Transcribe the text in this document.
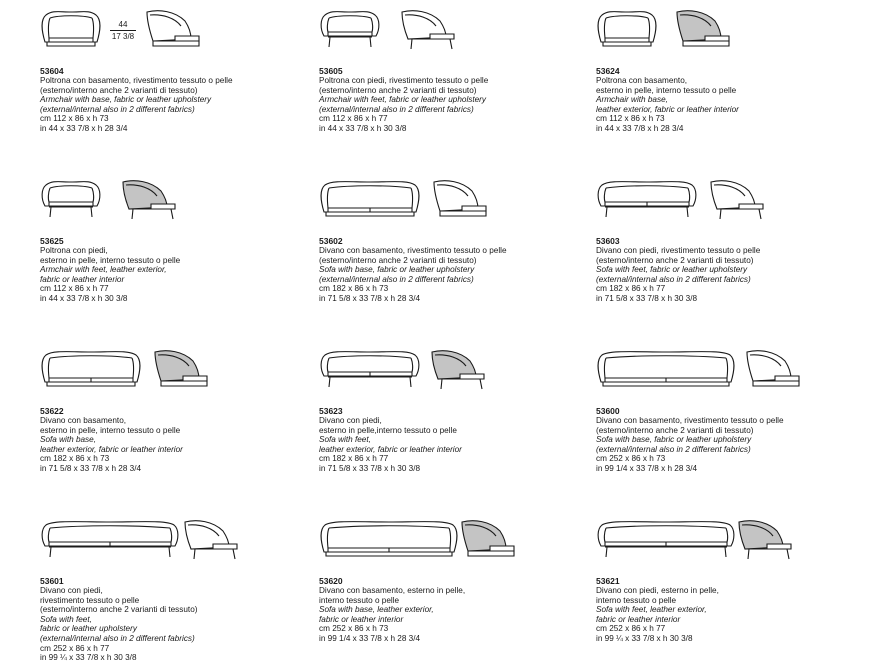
53604
Poltrona con basamento, rivestimento tessuto o pelle
(esterno/interno anche 2 varianti di tessuto)
Armchair with base, fabric or leather upholstery
(external/internal also in 2 different fabrics)
cm 112 x 86 x h 73
in 44 x 33 7/8 x h 28 3/4
53605
Poltrona con piedi, rivestimento tessuto o pelle
(esterno/interno anche 2 varianti di tessuto)
Armchair with feet, fabric or leather upholstery
(external/internal also in 2 different fabrics)
cm 112 x 86 x h 77
in 44 x 33 7/8 x h 30 3/8
53624
Poltrona con basamento,
esterno in pelle, interno tessuto o pelle
Armchair with base,
leather exterior, fabric or leather interior
cm 112 x 86 x h 73
in 44 x 33 7/8 x h 28 3/4
53625
Poltrona con piedi,
esterno in pelle, interno tessuto o pelle
Armchair with feet, leather exterior,
fabric or leather interior
cm 112 x 86 x h 77
in 44 x 33 7/8 x h 30 3/8
53602
Divano con basamento, rivestimento tessuto o pelle
(esterno/interno anche 2 varianti di tessuto)
Sofa with base, fabric or leather upholstery
(external/internal also in 2 different fabrics)
cm 182 x 86 x h 73
in 71 5/8 x 33 7/8 x h 28 3/4
53603
Divano con piedi, rivestimento tessuto o pelle
(esterno/interno anche 2 varianti di tessuto)
Sofa with feet, fabric or leather upholstery
(external/internal also in 2 different fabrics)
cm 182 x 86 x h 77
in 71 5/8 x 33 7/8 x h 30 3/8
53622
Divano con basamento,
esterno in pelle, interno tessuto o pelle
Sofa with base,
leather exterior, fabric or leather interior
cm 182 x 86 x h 73
in 71 5/8 x 33 7/8 x h 28 3/4
53623
Divano con piedi,
esterno in pelle,interno tessuto o pelle
Sofa with feet,
leather exterior, fabric or leather interior
cm 182 x 86 x h 77
in 71 5/8 x 33 7/8 x h 30 3/8
53600
Divano con basamento, rivestimento tessuto o pelle
(esterno/interno anche 2 varianti di tessuto)
Sofa with base, fabric or leather upholstery
(external/internal also in 2 different fabrics)
cm 252 x 86 x h 73
in 99 1/4 x 33 7/8 x h 28 3/4
53601
Divano con piedi,
rivestimento tessuto o pelle
(esterno/interno anche 2 varianti di tessuto)
Sofa with feet,
fabric or leather upholstery
(external/internal also in 2 different fabrics)
cm 252 x 86 x h 77
in 99 ¼ x 33 7/8 x h 30 3/8
53620
Divano con basamento, esterno in pelle,
interno tessuto o pelle
Sofa with base, leather exterior,
fabric or leather interior
cm 252 x 86 x h 73
in 99 1/4 x 33 7/8 x h 28 3/4
53621
Divano con piedi, esterno in pelle,
interno tessuto o pelle
Sofa with feet, leather exterior,
fabric or leather interior
cm 252 x 86 x h 77
in 99 ¼ x 33 7/8 x h 30 3/8
44
17 3/8
